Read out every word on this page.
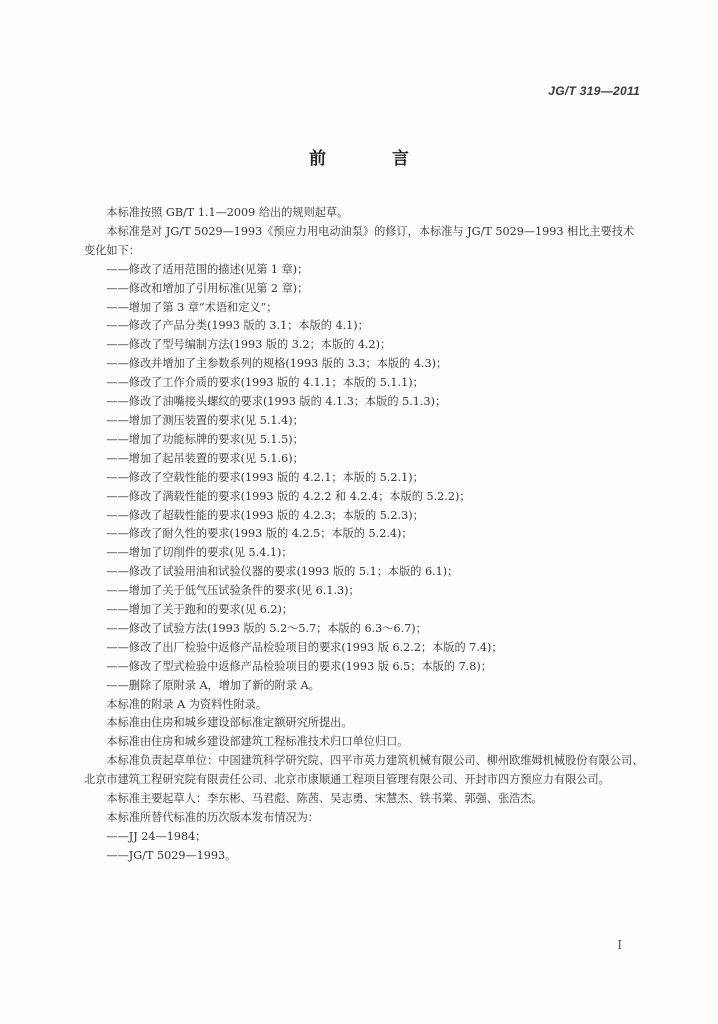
JG/T 319—2011
前 言

本标准按照 GB/T 1.1—2009 给出的规则起草。

本标准是对 JG/T 5029—1993《预应力用电动油泵》的修订，本标准与 JG/T 5029—1993 相比主要技术变化如下：

——修改了适用范围的描述(见第 1 章)；

——修改和增加了引用标准(见第 2 章)；

——增加了第 3 章“术语和定义”；

——修改了产品分类(1993 版的 3.1；本版的 4.1)；

——修改了型号编制方法(1993 版的 3.2；本版的 4.2)；

——修改并增加了主参数系列的规格(1993 版的 3.3；本版的 4.3)；

——修改了工作介质的要求(1993 版的 4.1.1；本版的 5.1.1)；

——修改了油嘴接头螺纹的要求(1993 版的 4.1.3；本版的 5.1.3)；

——增加了测压装置的要求(见 5.1.4)；

——增加了功能标牌的要求(见 5.1.5)；

——增加了起吊装置的要求(见 5.1.6)；

——修改了空载性能的要求(1993 版的 4.2.1；本版的 5.2.1)；

——修改了满载性能的要求(1993 版的 4.2.2 和 4.2.4；本版的 5.2.2)；

——修改了超载性能的要求(1993 版的 4.2.3；本版的 5.2.3)；

——修改了耐久性的要求(1993 版的 4.2.5；本版的 5.2.4)；

——增加了切削件的要求(见 5.4.1)；

——修改了试验用油和试验仪器的要求(1993 版的 5.1；本版的 6.1)；

——增加了关于低气压试验条件的要求(见 6.1.3)；

——增加了关于跑和的要求(见 6.2)；

——修改了试验方法(1993 版的 5.2～5.7；本版的 6.3～6.7)；

——修改了出厂检验中返修产品检验项目的要求(1993 版 6.2.2；本版的 7.4)；

——修改了型式检验中返修产品检验项目的要求(1993 版 6.5；本版的 7.8)；

——删除了原附录 A，增加了新的附录 A。

本标准的附录 A 为资料性附录。

本标准由住房和城乡建设部标准定额研究所提出。

本标准由住房和城乡建设部建筑工程标准技术归口单位归口。

本标准负责起草单位：中国建筑科学研究院、四平市英力建筑机械有限公司、柳州欧维姆机械股份有限公司、北京市建筑工程研究院有限责任公司、北京市康顺通工程项目管理有限公司、开封市四方预应力有限公司。

本标准主要起草人：李东彬、马君彪、陈茜、吴志勇、宋慧杰、铁书棠、郭强、张浩杰。

本标准所替代标准的历次版本发布情况为：

——JJ 24—1984；

——JG/T 5029—1993。

I
